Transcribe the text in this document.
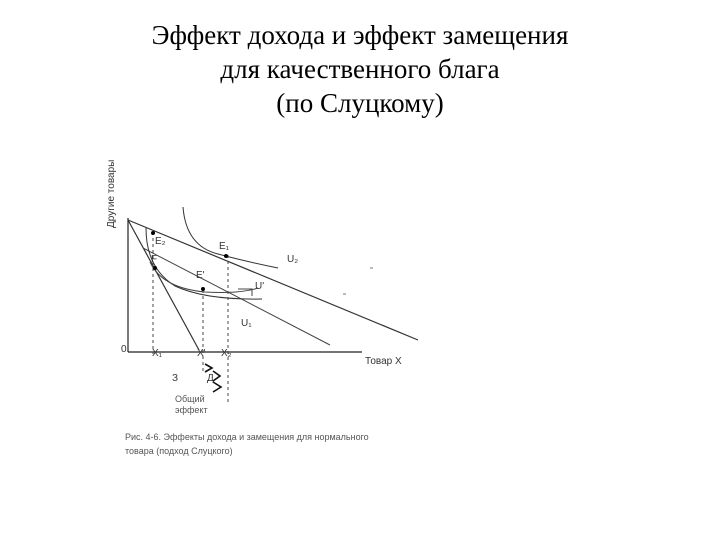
Эффект дохода и эффект замещения
для качественного блага
(по Слуцкому)
Другие товары
E₁
F
E'
E₂
U₂
U'
U₁
0	X₁	X' X₂
Товар X
З	Д
Общий
эффект
Рис. 4-6. Эффекты дохода и замещения для нормального
товара (подход Слуцкого)
